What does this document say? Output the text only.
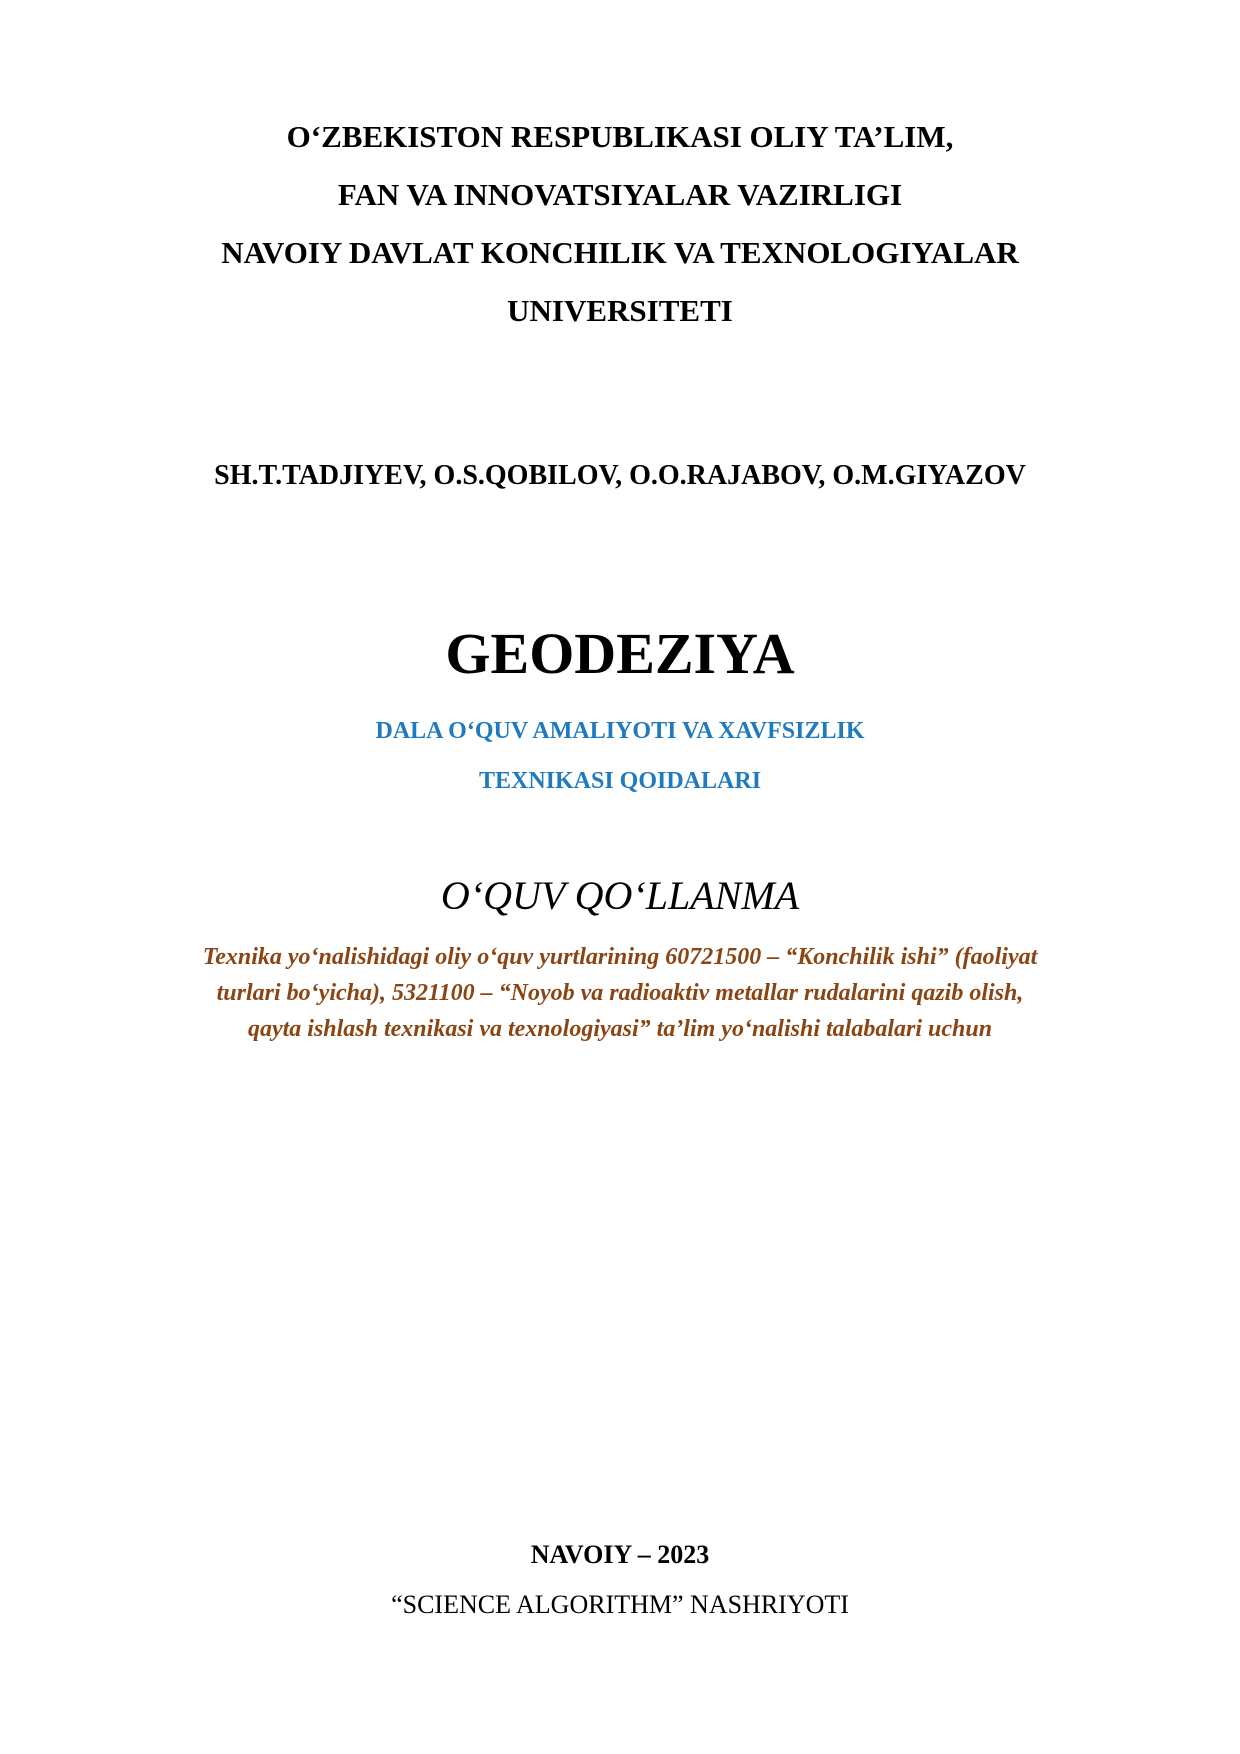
O‘ZBEKISTON RESPUBLIKASI OLIY TA’LIM,
FAN VA INNOVATSIYALAR VAZIRLIGI
NAVOIY DAVLAT KONCHILIK VA TEXNOLOGIYALAR
UNIVERSITETI
SH.T.TADJIYEV, O.S.QOBILOV, O.O.RAJABOV, O.M.GIYAZOV
GEODEZIYA
DALA O‘QUV AMALIYOTI VA XAVFSIZLIK
TEXNIKASI QOIDALARI
O‘QUV QO‘LLANMA
Texnika yo‘nalishidagi oliy o‘quv yurtlarining 60721500 – “Konchilik ishi” (faoliyat
turlari bo‘yicha), 5321100 – “Noyob va radioaktiv metallar rudalarini qazib olish,
qayta ishlash texnikasi va texnologiyasi” ta’lim yo‘nalishi talabalari uchun
NAVOIY – 2023
“SCIENCE ALGORITHM” NASHRIYOTI
